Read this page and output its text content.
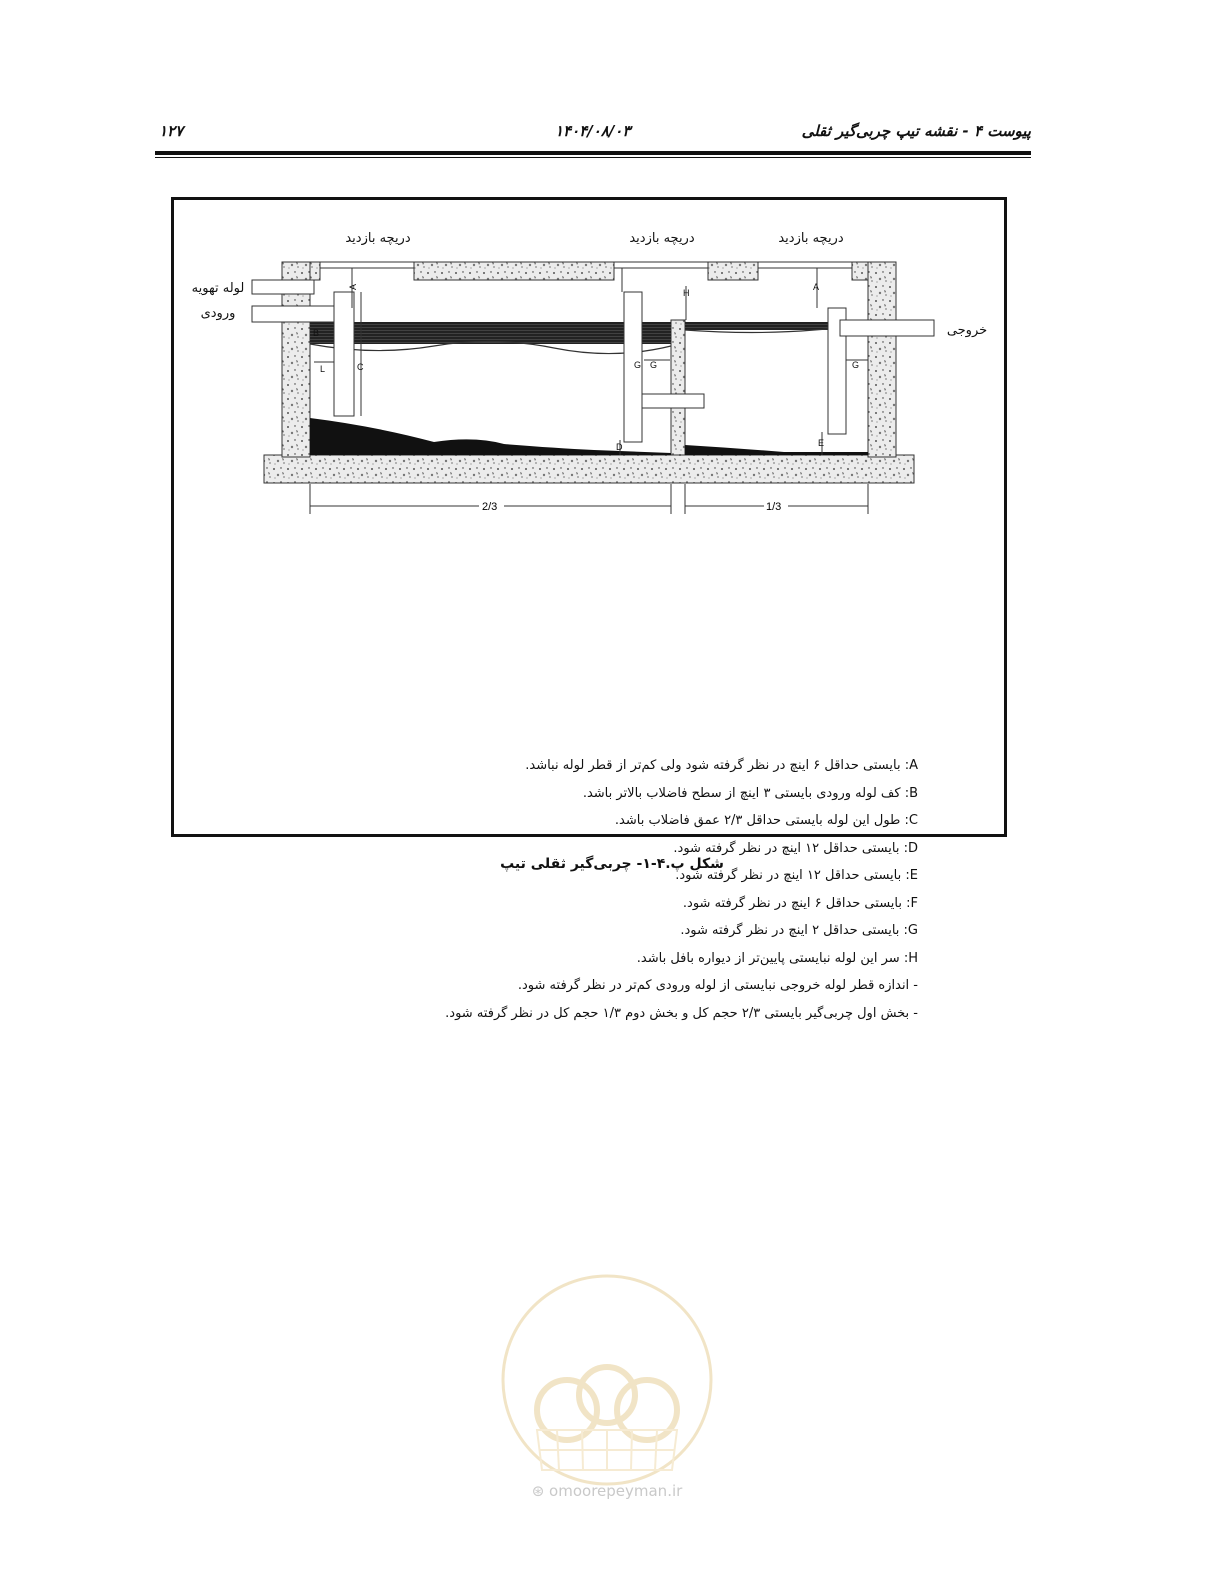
پیوست ۴ - نقشه تیپ چربی‌گیر ثقلی
۱۴۰۴/۰۸/۰۳
۱۲۷
A
B
C
L	G
H
D
A
G
E
G
2/3	1/3
دریچه بازدید	دریچه بازدید	دریچه بازدید
لوله تهویه
ورودی
خروجی
A: بایستی حداقل ۶ اینچ در نظر گرفته شود ولی کم‌تر از قطر لوله نباشد.
B: کف لوله ورودی بایستی ۳ اینچ از سطح فاضلاب بالاتر باشد.
C: طول این لوله بایستی حداقل ۲/۳ عمق فاضلاب باشد.
D: بایستی حداقل ۱۲ اینچ در نظر گرفته شود.
E: بایستی حداقل ۱۲ اینچ در نظر گرفته شود.
F: بایستی حداقل ۶ اینچ در نظر گرفته شود.
G: بایستی حداقل ۲ اینچ در نظر گرفته شود.
H: سر این لوله نبایستی پایین‌تر از دیواره بافل باشد.
- اندازه قطر لوله خروجی نبایستی از لوله ورودی کم‌تر در نظر گرفته شود.
- بخش اول چربی‌گیر بایستی ۲/۳ حجم کل و بخش دوم ۱/۳ حجم کل در نظر گرفته شود.
شکل پ.۴-۱- چربی‌گیر ثقلی تیپ
⊛ omoorepeyman.ir
